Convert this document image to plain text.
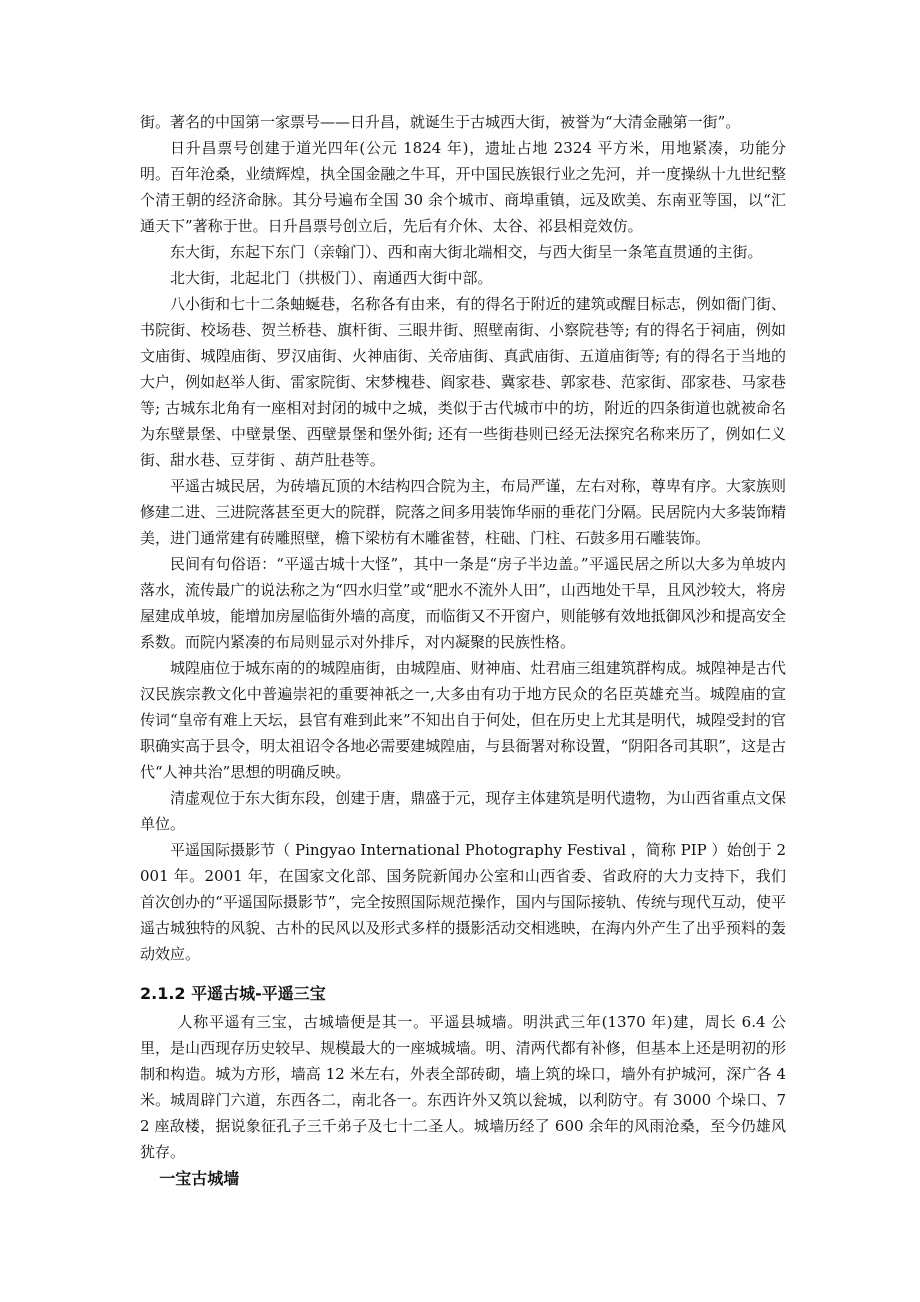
街。著名的中国第一家票号——日升昌，就诞生于古城西大街，被誉为“大清金融第一街”。

日升昌票号创建于道光四年(公元 1824 年)，遗址占地 2324 平方米，用地紧凑，功能分明。百年沧桑，业绩辉煌，执全国金融之牛耳，开中国民族银行业之先河，并一度操纵十九世纪整个清王朝的经济命脉。其分号遍布全国 30 余个城市、商埠重镇，远及欧美、东南亚等国，以“汇通天下”著称于世。日升昌票号创立后，先后有介休、太谷、祁县相竞效仿。

东大街，东起下东门（亲翰门）、西和南大街北端相交，与西大街呈一条笔直贯通的主街。

北大街，北起北门（拱极门）、南通西大街中部。

八小街和七十二条蚰蜒巷，名称各有由来，有的得名于附近的建筑或醒目标志，例如衙门街、书院街、校场巷、贺兰桥巷、旗杆街、三眼井街、照壁南街、小察院巷等; 有的得名于祠庙，例如文庙街、城隍庙街、罗汉庙街、火神庙街、关帝庙街、真武庙街、五道庙街等; 有的得名于当地的大户，例如赵举人街、雷家院街、宋梦槐巷、阎家巷、冀家巷、郭家巷、范家街、邵家巷、马家巷等; 古城东北角有一座相对封闭的城中之城，类似于古代城市中的坊，附近的四条街道也就被命名为东壁景堡、中壁景堡、西壁景堡和堡外街; 还有一些街巷则已经无法探究名称来历了，例如仁义街、甜水巷、豆芽街 、葫芦肚巷等。

平遥古城民居，为砖墙瓦顶的木结构四合院为主，布局严谨，左右对称，尊卑有序。大家族则修建二进、三进院落甚至更大的院群，院落之间多用装饰华丽的垂花门分隔。民居院内大多装饰精美，进门通常建有砖雕照壁，檐下梁枋有木雕雀替，柱础、门柱、石鼓多用石雕装饰。

民间有句俗语：“平遥古城十大怪”，其中一条是“房子半边盖。”平遥民居之所以大多为单坡内落水，流传最广的说法称之为“四水归堂”或“肥水不流外人田”，山西地处干旱，且风沙较大，将房屋建成单坡，能增加房屋临街外墙的高度，而临街又不开窗户，则能够有效地抵御风沙和提高安全系数。而院内紧凑的布局则显示对外排斥，对内凝聚的民族性格。

城隍庙位于城东南的的城隍庙街，由城隍庙、财神庙、灶君庙三组建筑群构成。城隍神是古代汉民族宗教文化中普遍崇祀的重要神祇之一,大多由有功于地方民众的名臣英雄充当。城隍庙的宣传词“皇帝有难上天坛，县官有难到此来”不知出自于何处，但在历史上尤其是明代，城隍受封的官职确实高于县令，明太祖诏令各地必需要建城隍庙，与县衙署对称设置，“阴阳各司其职”，这是古代“人神共治”思想的明确反映。

清虚观位于东大街东段，创建于唐，鼎盛于元，现存主体建筑是明代遗物，为山西省重点文保单位。

平遥国际摄影节（ Pingyao International Photography Festival ，简称 PIP ）始创于 2001 年。2001 年，在国家文化部、国务院新闻办公室和山西省委、省政府的大力支持下，我们首次创办的“平遥国际摄影节”，完全按照国际规范操作，国内与国际接轨、传统与现代互动，使平遥古城独特的风貌、古朴的民风以及形式多样的摄影活动交相逃映，在海内外产生了出乎预料的轰动效应。

2.1.2 平遥古城-平遥三宝

人称平遥有三宝，古城墙便是其一。平遥县城墙。明洪武三年(1370 年)建，周长 6.4 公里，是山西现存历史较早、规模最大的一座城城墙。明、清两代都有补修，但基本上还是明初的形制和构造。城为方形，墙高 12 米左右，外表全部砖砌，墙上筑的垛口，墙外有护城河，深广各 4 米。城周辟门六道，东西各二，南北各一。东西许外又筑以瓮城，以利防守。有 3000 个垛口、72 座敌楼，据说象征孔子三千弟子及七十二圣人。城墙历经了 600 余年的风雨沧桑，至今仍雄风犹存。

一宝古城墙
